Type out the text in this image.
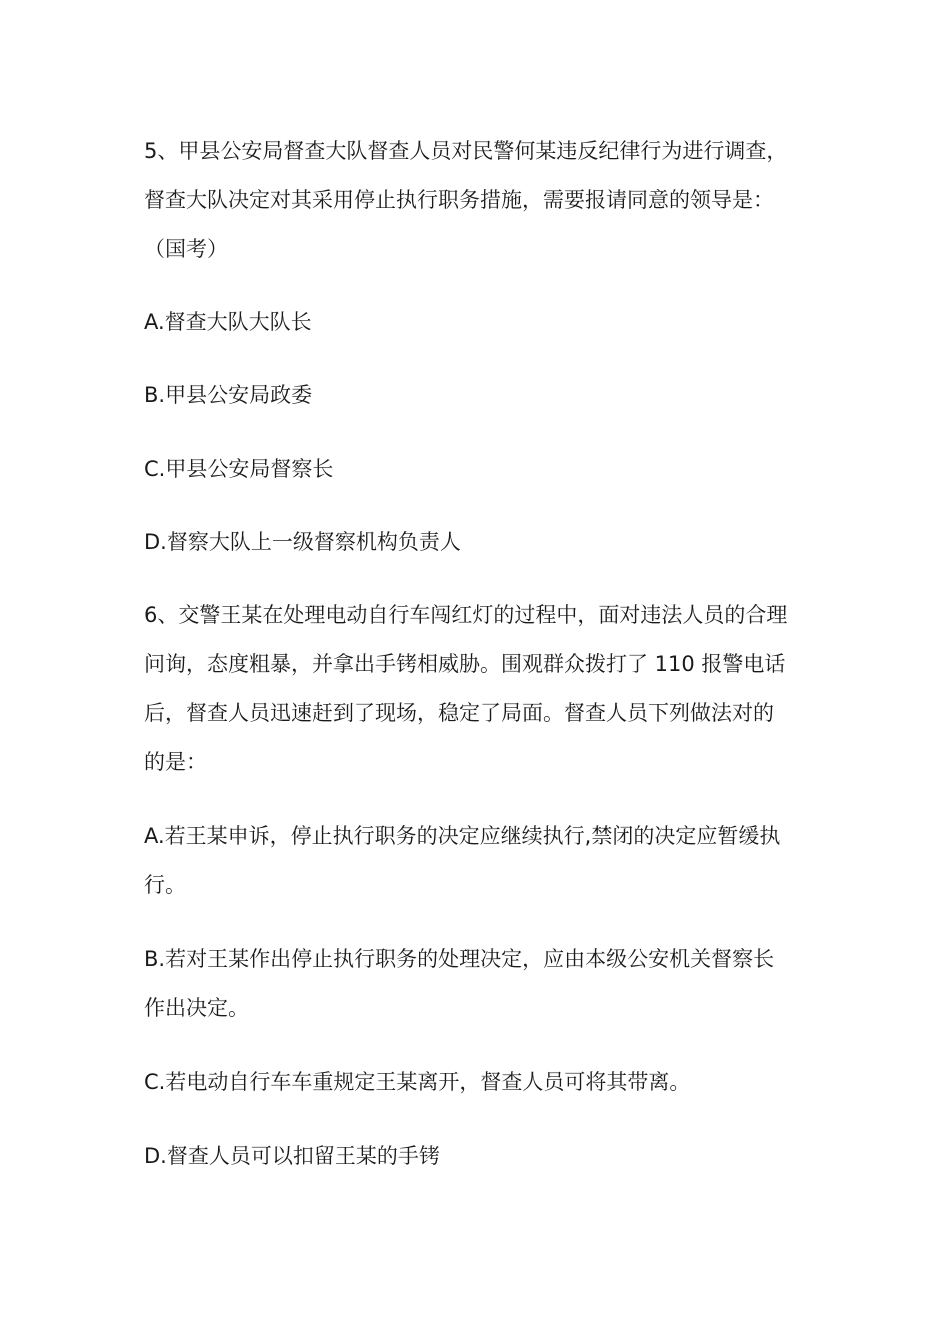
5、甲县公安局督查大队督查人员对民警何某违反纪律行为进行调查，
督查大队决定对其采用停止执行职务措施，需要报请同意的领导是：
（国考）

A.督查大队大队长

B.甲县公安局政委

C.甲县公安局督察长

D.督察大队上一级督察机构负责人

6、交警王某在处理电动自行车闯红灯的过程中，面对违法人员的合理
问询，态度粗暴，并拿出手铐相威胁。围观群众拨打了 110 报警电话
后，督查人员迅速赶到了现场，稳定了局面。督查人员下列做法对的
的是：

A.若王某申诉，停止执行职务的决定应继续执行,禁闭的决定应暂缓执
行。

B.若对王某作出停止执行职务的处理决定，应由本级公安机关督察长
作出决定。

C.若电动自行车车重规定王某离开，督查人员可将其带离。

D.督查人员可以扣留王某的手铐
